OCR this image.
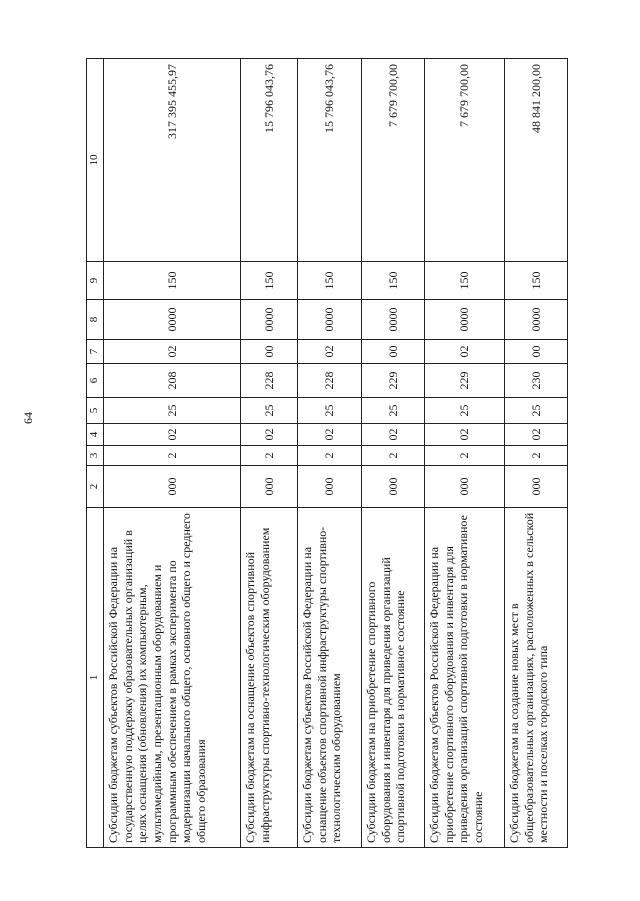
64
1	2	3	4	5	6	7	8	9	10
Субсидии бюджетам субъектов Российской Федерации на государственную поддержку образовательных организаций в целях оснащения (обновления) их компьютерным, мультимедийным, презентационным оборудованием и программным обеспечением в рамках эксперимента по модернизации начального общего, основного общего и среднего общего образования	000	2	02	25	208	02	0000	150	317 395 455,97
Субсидии бюджетам на оснащение объектов спортивной инфраструктуры спортивно-технологическим оборудованием	000	2	02	25	228	00	0000	150	15 796 043,76
Субсидии бюджетам субъектов Российской Федерации на оснащение объектов спортивной инфраструктуры спортивно-технологическим оборудованием	000	2	02	25	228	02	0000	150	15 796 043,76
Субсидии бюджетам на приобретение спортивного оборудования и инвентаря для приведения организаций спортивной подготовки в нормативное состояние	000	2	02	25	229	00	0000	150	7 679 700,00
Субсидии бюджетам субъектов Российской Федерации на приобретение спортивного оборудования и инвентаря для приведения организаций спортивной подготовки в нормативное состояние	000	2	02	25	229	02	0000	150	7 679 700,00
Субсидии бюджетам на создание новых мест в общеобразовательных организациях, расположенных в сельской местности и поселках городского типа	000	2	02	25	230	00	0000	150	48 841 200,00
